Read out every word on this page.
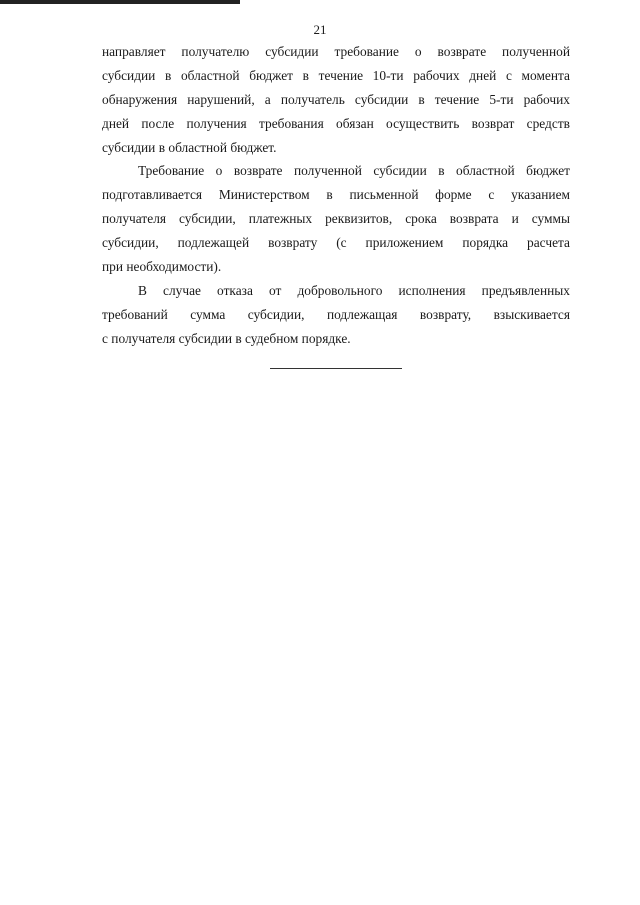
21
направляет получателю субсидии требование о возврате полученной
субсидии в областной бюджет в течение 10-ти рабочих дней с момента
обнаружения нарушений, а получатель субсидии в течение 5-ти рабочих
дней после получения требования обязан осуществить возврат средств
субсидии в областной бюджет.
Требование о возврате полученной субсидии в областной бюджет
подготавливается Министерством в письменной форме с указанием
получателя субсидии, платежных реквизитов, срока возврата и суммы
субсидии, подлежащей возврату (с приложением порядка расчета
при необходимости).
В случае отказа от добровольного исполнения предъявленных
требований сумма субсидии, подлежащая возврату, взыскивается
с получателя субсидии в судебном порядке.
